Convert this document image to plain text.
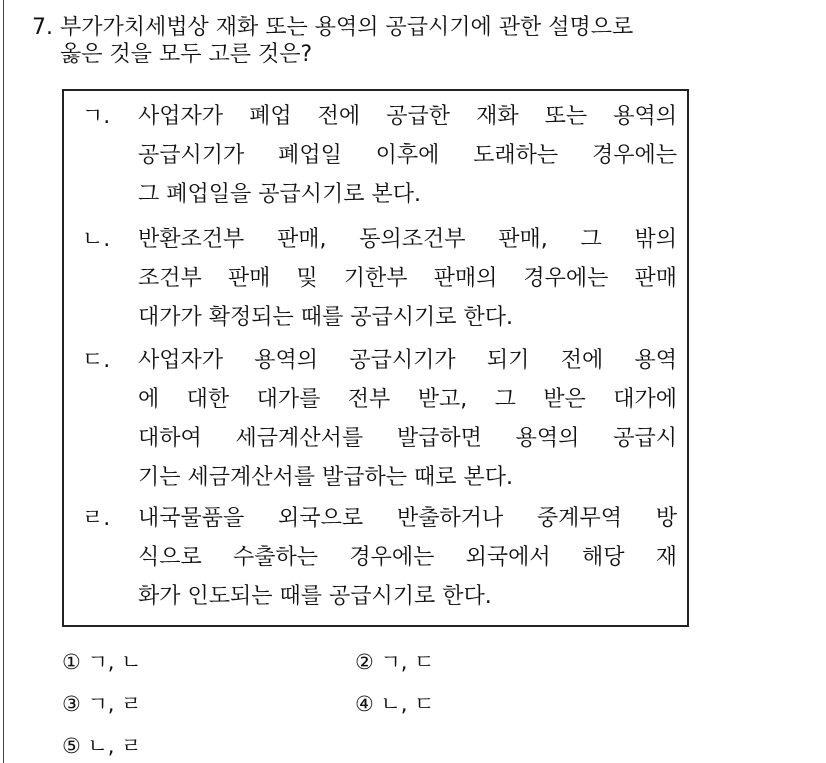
7. 부가가치세법상 재화 또는 용역의 공급시기에 관한 설명으로
옳은 것을 모두 고른 것은?
ㄱ.	사업자가 폐업 전에 공급한 재화 또는 용역의
공급시기가 폐업일 이후에 도래하는 경우에는
그 폐업일을 공급시기로 본다.
ㄴ.	반환조건부 판매, 동의조건부 판매, 그 밖의
조건부 판매 및 기한부 판매의 경우에는 판매
대가가 확정되는 때를 공급시기로 한다.
ㄷ.	사업자가 용역의 공급시기가 되기 전에 용역
에 대한 대가를 전부 받고, 그 받은 대가에
대하여 세금계산서를 발급하면 용역의 공급시
기는 세금계산서를 발급하는 때로 본다.
ㄹ.	내국물품을 외국으로 반출하거나 중계무역 방
식으로 수출하는 경우에는 외국에서 해당 재
화가 인도되는 때를 공급시기로 한다.
① ㄱ, ㄴ	② ㄱ, ㄷ
③ ㄱ, ㄹ	④ ㄴ, ㄷ
⑤ ㄴ, ㄹ
